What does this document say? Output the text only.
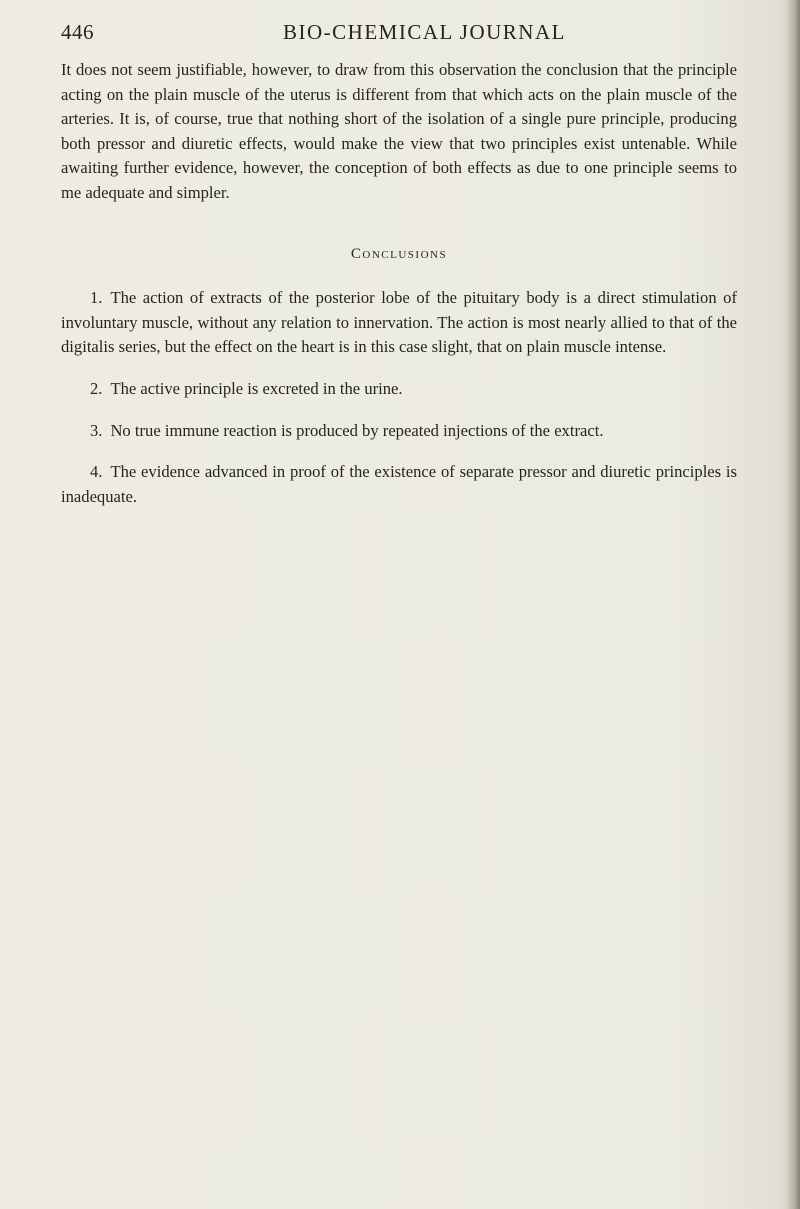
446	BIO-CHEMICAL JOURNAL

It does not seem justifiable, however, to draw from this observation the conclusion that the principle acting on the plain muscle of the uterus is different from that which acts on the plain muscle of the arteries. It is, of course, true that nothing short of the isolation of a single pure principle, producing both pressor and diuretic effects, would make the view that two principles exist untenable. While awaiting further evidence, however, the conception of both effects as due to one principle seems to me adequate and simpler.

Conclusions

1. The action of extracts of the posterior lobe of the pituitary body is a direct stimulation of involuntary muscle, without any relation to innervation. The action is most nearly allied to that of the digitalis series, but the effect on the heart is in this case slight, that on plain muscle intense.

2. The active principle is excreted in the urine.

3. No true immune reaction is produced by repeated injections of the extract.

4. The evidence advanced in proof of the existence of separate pressor and diuretic principles is inadequate.
